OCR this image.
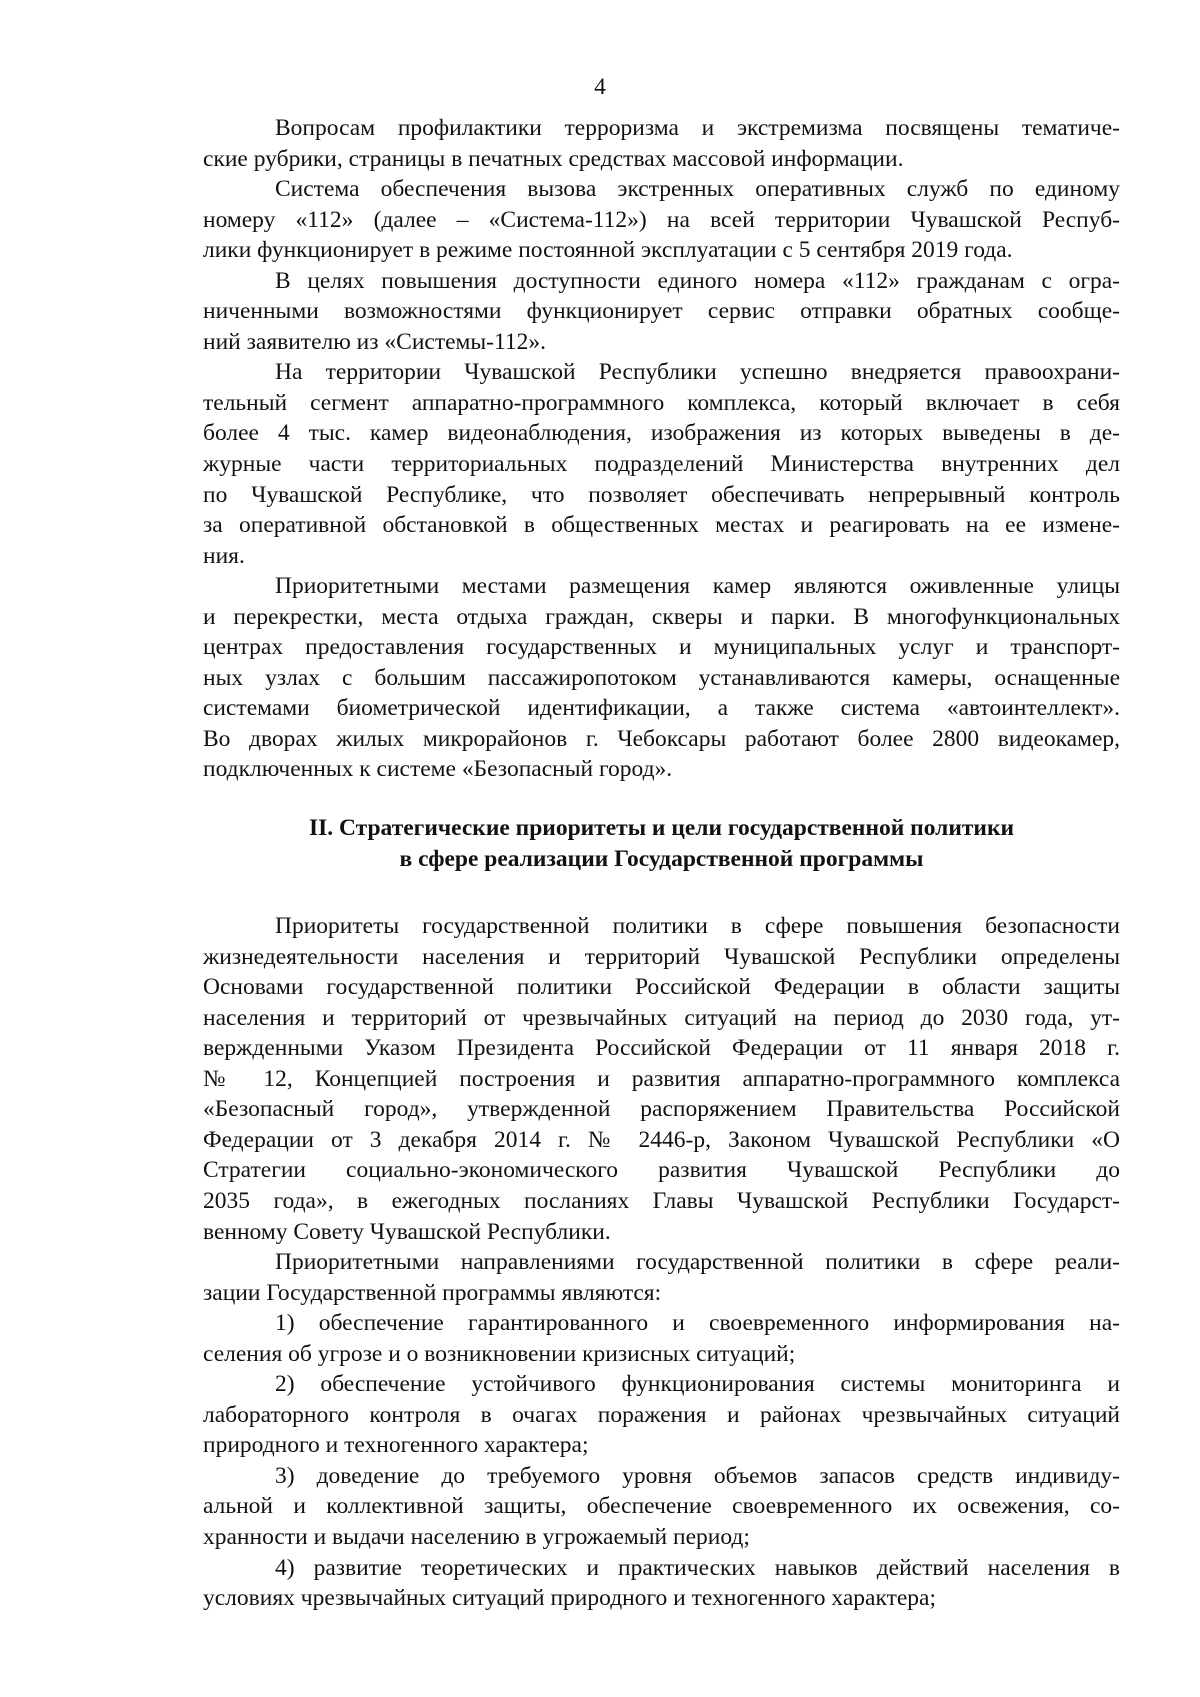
4

Вопросам профилактики терроризма и экстремизма посвящены тематиче-
ские рубрики, страницы в печатных средствах массовой информации.

Система обеспечения вызова экстренных оперативных служб по единому
номеру «112» (далее – «Система-112») на всей территории Чувашской Респуб-
лики функционирует в режиме постоянной эксплуатации с 5 сентября 2019 года.

В целях повышения доступности единого номера «112» гражданам с огра-
ниченными возможностями функционирует сервис отправки обратных сообще-
ний заявителю из «Системы-112».

На территории Чувашской Республики успешно внедряется правоохрани-
тельный сегмент аппаратно-программного комплекса, который включает в себя
более 4 тыс. камер видеонаблюдения, изображения из которых выведены в де-
журные части территориальных подразделений Министерства внутренних дел
по Чувашской Республике, что позволяет обеспечивать непрерывный контроль
за оперативной обстановкой в общественных местах и реагировать на ее измене-
ния.

Приоритетными местами размещения камер являются оживленные улицы
и перекрестки, места отдыха граждан, скверы и парки. В многофункциональных
центрах предоставления государственных и муниципальных услуг и транспорт-
ных узлах с большим пассажиропотоком устанавливаются камеры, оснащенные
системами биометрической идентификации, а также система «автоинтеллект».
Во дворах жилых микрорайонов г. Чебоксары работают более 2800 видеокамер,
подключенных к системе «Безопасный город».

II. Стратегические приоритеты и цели государственной политики
в сфере реализации Государственной программы

Приоритеты государственной политики в сфере повышения безопасности
жизнедеятельности населения и территорий Чувашской Республики определены
Основами государственной политики Российской Федерации в области защиты
населения и территорий от чрезвычайных ситуаций на период до 2030 года, ут-
вержденными Указом Президента Российской Федерации от 11 января 2018 г.
№ 12, Концепцией построения и развития аппаратно-программного комплекса
«Безопасный город», утвержденной распоряжением Правительства Российской
Федерации от 3 декабря 2014 г. № 2446-р, Законом Чувашской Республики «О
Стратегии социально-экономического развития Чувашской Республики до
2035 года», в ежегодных посланиях Главы Чувашской Республики Государст-
венному Совету Чувашской Республики.

Приоритетными направлениями государственной политики в сфере реали-
зации Государственной программы являются:

1) обеспечение гарантированного и своевременного информирования на-
селения об угрозе и о возникновении кризисных ситуаций;

2) обеспечение устойчивого функционирования системы мониторинга и
лабораторного контроля в очагах поражения и районах чрезвычайных ситуаций
природного и техногенного характера;

3) доведение до требуемого уровня объемов запасов средств индивиду-
альной и коллективной защиты, обеспечение своевременного их освежения, со-
хранности и выдачи населению в угрожаемый период;

4) развитие теоретических и практических навыков действий населения в
условиях чрезвычайных ситуаций природного и техногенного характера;
